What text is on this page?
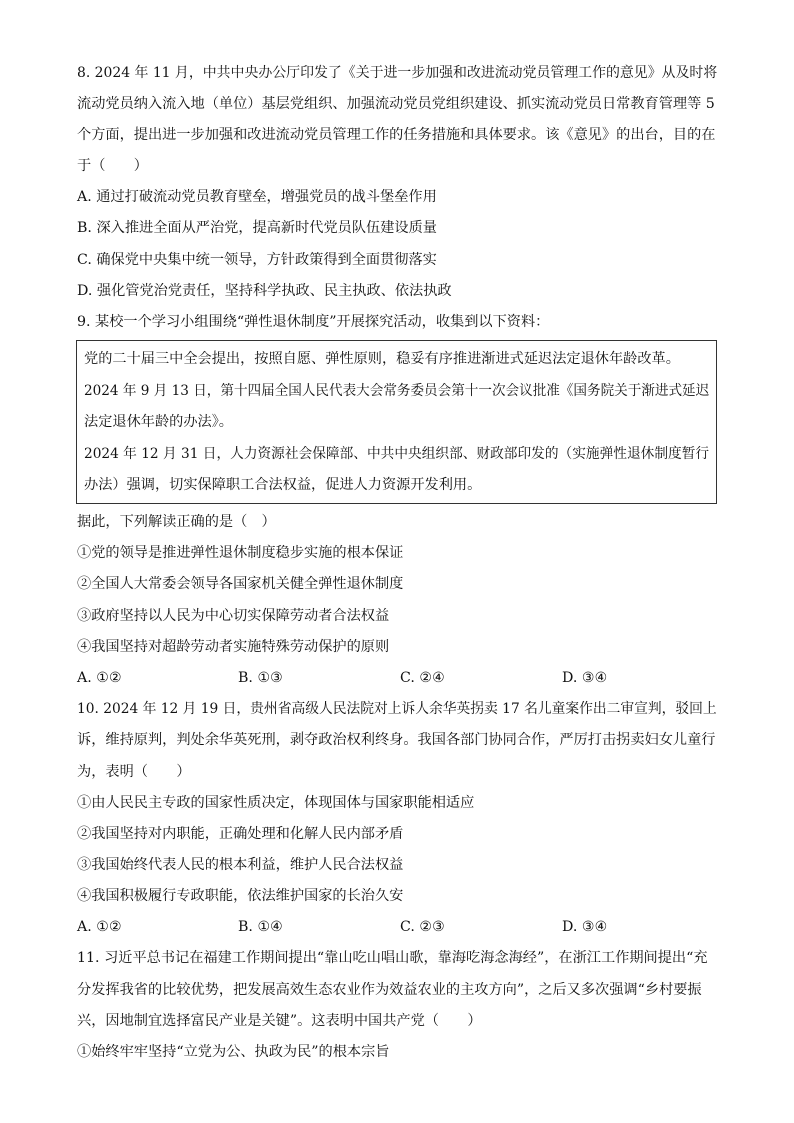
8. 2024 年 11 月，中共中央办公厅印发了《关于进一步加强和改进流动党员管理工作的意见》从及时将
流动党员纳入流入地（单位）基层党组织、加强流动党员党组织建设、抓实流动党员日常教育管理等 5
个方面，提出进一步加强和改进流动党员管理工作的任务措施和具体要求。该《意见》的出台，目的在
于（　　）
A. 通过打破流动党员教育壁垒，增强党员的战斗堡垒作用
B. 深入推进全面从严治党，提高新时代党员队伍建设质量
C. 确保党中央集中统一领导，方针政策得到全面贯彻落实
D. 强化管党治党责任，坚持科学执政、民主执政、依法执政
9. 某校一个学习小组围绕“弹性退休制度”开展探究活动，收集到以下资料：
党的二十届三中全会提出，按照自愿、弹性原则，稳妥有序推进渐进式延迟法定退休年龄改革。
2024 年 9 月 13 日，第十四届全国人民代表大会常务委员会第十一次会议批准《国务院关于渐进式延迟
法定退休年龄的办法》。
2024 年 12 月 31 日，人力资源社会保障部、中共中央组织部、财政部印发的（实施弹性退休制度暂行
办法）强调，切实保障职工合法权益，促进人力资源开发利用。
据此，下列解读正确的是（　）
①党的领导是推进弹性退休制度稳步实施的根本保证
②全国人大常委会领导各国家机关健全弹性退休制度
③政府坚持以人民为中心切实保障劳动者合法权益
④我国坚持对超龄劳动者实施特殊劳动保护的原则
A. ①②	B. ①③	C. ②④	D. ③④
10. 2024 年 12 月 19 日，贵州省高级人民法院对上诉人余华英拐卖 17 名儿童案作出二审宣判，驳回上
诉，维持原判，判处余华英死刑，剥夺政治权利终身。我国各部门协同合作，严厉打击拐卖妇女儿童行
为，表明（　　）
①由人民民主专政的国家性质决定，体现国体与国家职能相适应
②我国坚持对内职能，正确处理和化解人民内部矛盾
③我国始终代表人民的根本利益，维护人民合法权益
④我国积极履行专政职能，依法维护国家的长治久安
A. ①②	B. ①④	C. ②③	D. ③④
11. 习近平总书记在福建工作期间提出“靠山吃山唱山歌，靠海吃海念海经”，在浙江工作期间提出“充
分发挥我省的比较优势，把发展高效生态农业作为效益农业的主攻方向”，之后又多次强调“乡村要振
兴，因地制宜选择富民产业是关键”。这表明中国共产党（　　）
①始终牢牢坚持“立党为公、执政为民”的根本宗旨
